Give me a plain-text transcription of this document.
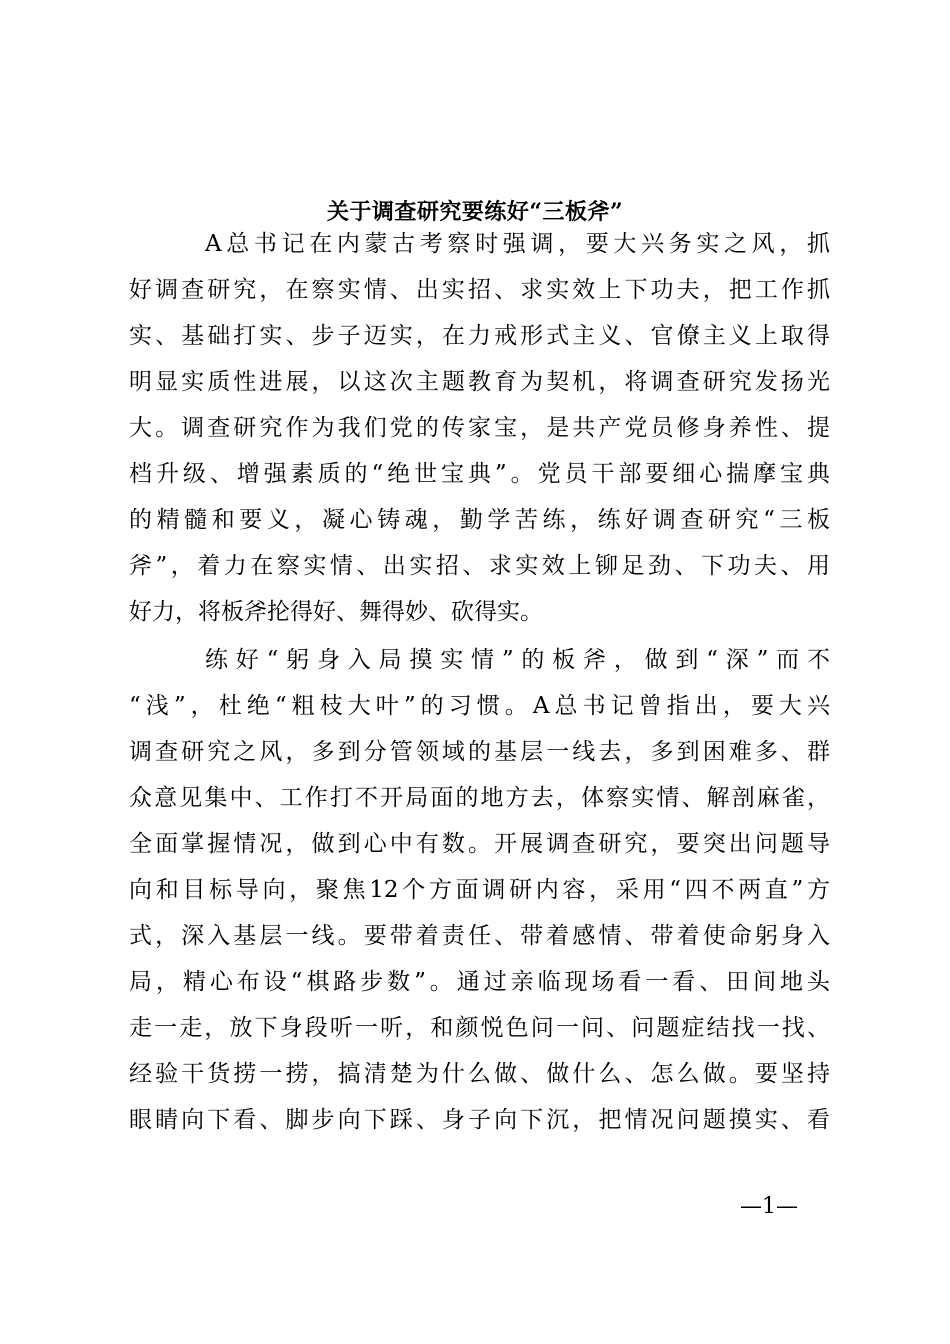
关于调查研究要练好“三板斧”
A总书记在内蒙古考察时强调，要大兴务实之风，抓
好调查研究，在察实情、出实招、求实效上下功夫，把工作抓
实、基础打实、步子迈实，在力戒形式主义、官僚主义上取得
明显实质性进展，以这次主题教育为契机，将调查研究发扬光
大。调查研究作为我们党的传家宝，是共产党员修身养性、提
档升级、增强素质的“绝世宝典”。党员干部要细心揣摩宝典
的精髓和要义，凝心铸魂，勤学苦练，练好调查研究“三板
斧”，着力在察实情、出实招、求实效上铆足劲、下功夫、用
好力，将板斧抡得好、舞得妙、砍得实。
练好“躬身入局摸实情”的板斧，做到“深”而不
“浅”，杜绝“粗枝大叶”的习惯。A总书记曾指出，要大兴
调查研究之风，多到分管领域的基层一线去，多到困难多、群
众意见集中、工作打不开局面的地方去，体察实情、解剖麻雀，
全面掌握情况，做到心中有数。开展调查研究，要突出问题导
向和目标导向，聚焦12个方面调研内容，采用“四不两直”方
式，深入基层一线。要带着责任、带着感情、带着使命躬身入
局，精心布设“棋路步数”。通过亲临现场看一看、田间地头
走一走，放下身段听一听，和颜悦色问一问、问题症结找一找、
经验干货捞一捞，搞清楚为什么做、做什么、怎么做。要坚持
眼睛向下看、脚步向下踩、身子向下沉，把情况问题摸实、看
—1—
